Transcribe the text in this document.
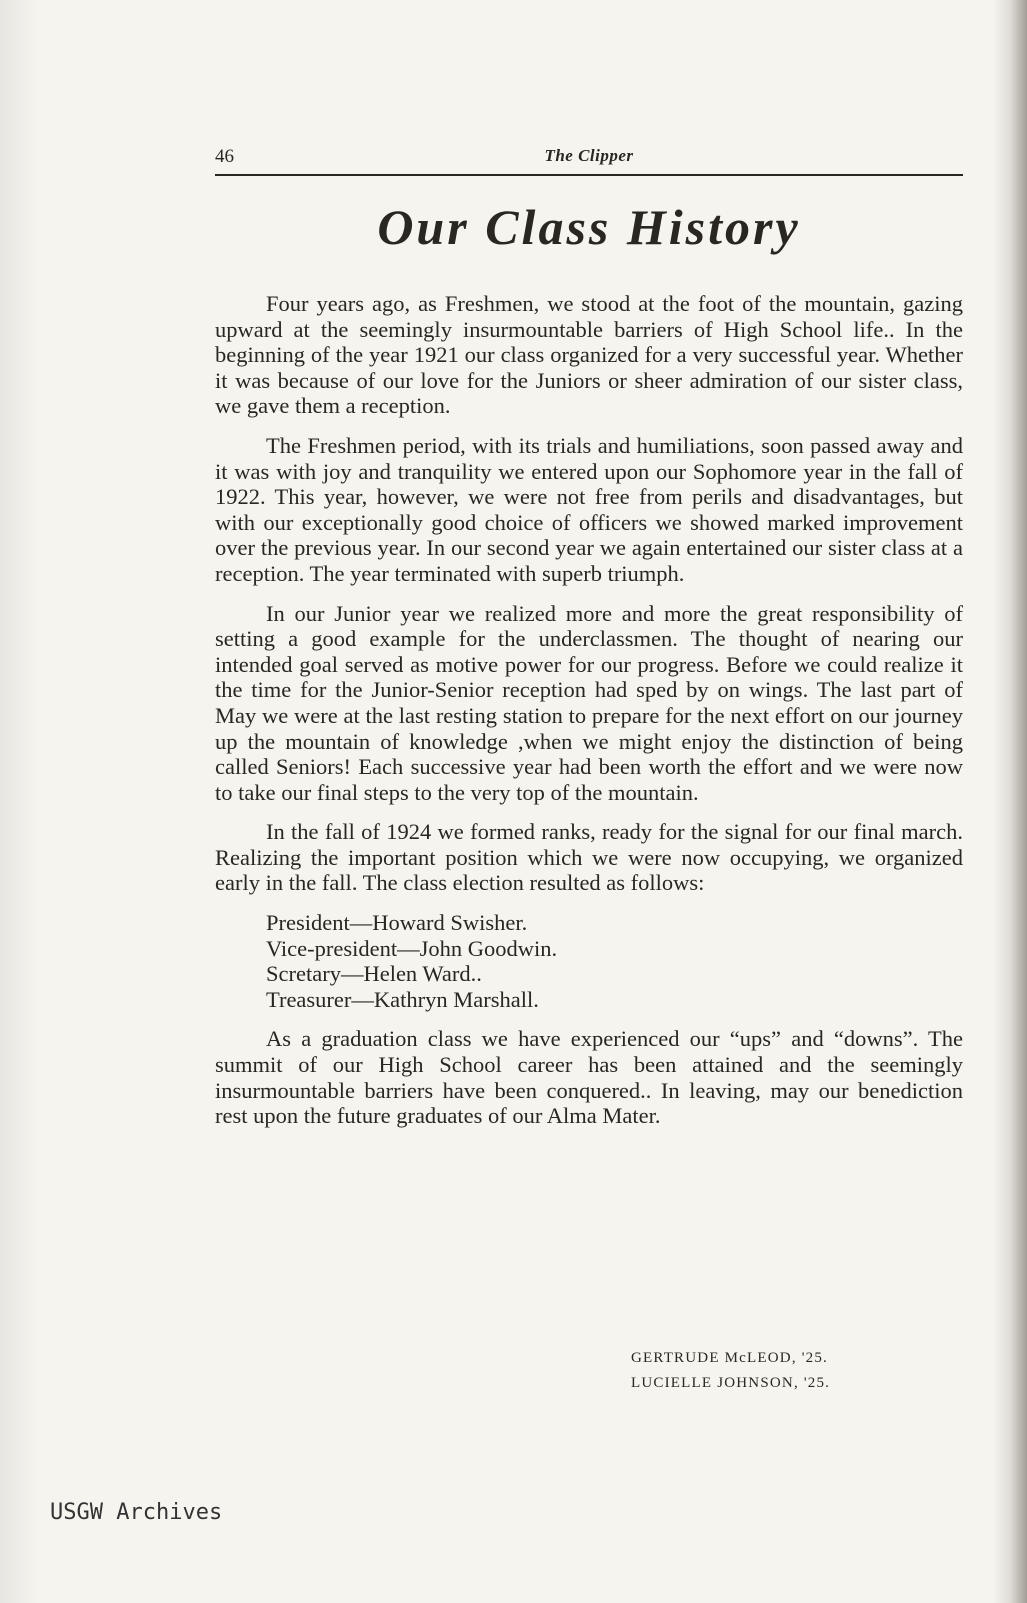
46	The Clipper
Our Class History

Four years ago, as Freshmen, we stood at the foot of the mountain, gazing upward at the seemingly insurmountable barriers of High School life.. In the beginning of the year 1921 our class organized for a very successful year. Whether it was because of our love for the Juniors or sheer admiration of our sister class, we gave them a reception.

The Freshmen period, with its trials and humiliations, soon passed away and it was with joy and tranquility we entered upon our Sophomore year in the fall of 1922. This year, however, we were not free from perils and disadvantages, but with our exceptionally good choice of officers we showed marked improvement over the previous year. In our second year we again entertained our sister class at a reception. The year terminated with superb triumph.

In our Junior year we realized more and more the great responsibility of setting a good example for the underclassmen. The thought of nearing our intended goal served as motive power for our progress. Before we could realize it the time for the Junior-Senior reception had sped by on wings. The last part of May we were at the last resting station to prepare for the next effort on our journey up the mountain of knowledge ,when we might enjoy the distinction of being called Seniors! Each successive year had been worth the effort and we were now to take our final steps to the very top of the mountain.

In the fall of 1924 we formed ranks, ready for the signal for our final march. Realizing the important position which we were now occupying, we organized early in the fall. The class election resulted as follows:

President—Howard Swisher.
Vice-president—John Goodwin.
Scretary—Helen Ward..
Treasurer—Kathryn Marshall.

As a graduation class we have experienced our “ups” and “downs”. The summit of our High School career has been attained and the seemingly insurmountable barriers have been conquered.. In leaving, may our benediction rest upon the future graduates of our Alma Mater.

GERTRUDE McLEOD, '25.
LUCIELLE JOHNSON, '25.
USGW Archives
